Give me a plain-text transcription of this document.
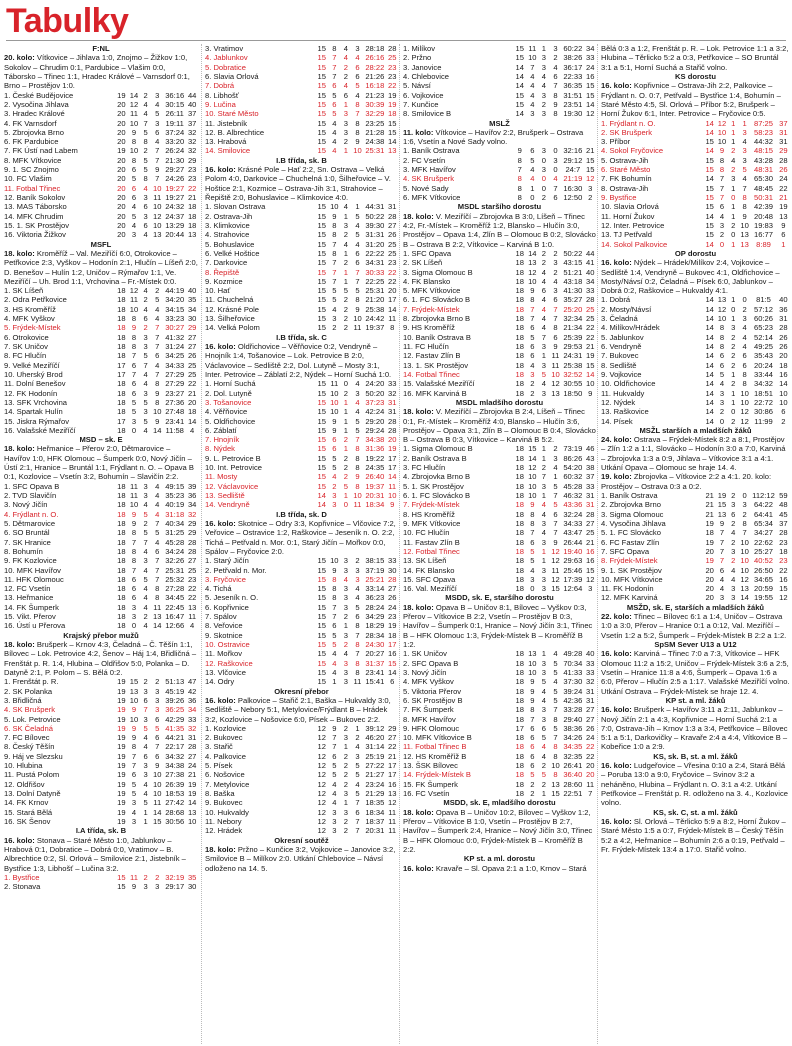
Tabulky
F:NL
20. kolo: Vítkovice – Jihlava 1:0, Znojmo – Žižkov 1:0, Sokolov – Chrudim 0:1, Pardubice – Vlašim 0:0, Táborsko – Třinec 1:1, Hradec Králové – Varnsdorf 0:1, Brno – Prostějov 1:0.
1. České Budějovice	19	14	2	3	36:16	44
2. Vysočina Jihlava	20	12	4	4	30:15	40
3. Hradec Králové	20	11	4	5	26:11	37
4. FK Varnsdorf	20	10	7	3	19:11	37
5. Zbrojovka Brno	20	9	5	6	37:24	32
6. FK Pardubice	20	8	8	4	33:20	32
7. FK Ústí nad Labem	19	10	2	7	26:24	32
8. MFK Vítkovice	20	8	5	7	21:30	29
9. 1. SC Znojmo	20	6	5	9	29:27	23
10. FC Vlašim	20	5	8	7	24:26	23
11. Fotbal Třinec	20	6	4	10	19:27	22
12. Baník Sokolov	20	6	3	11	19:27	21
13. MAS Táborsko	20	4	6	10	24:32	18
14. MFK Chrudim	20	5	3	12	24:37	18
15. 1. SK Prostějov	20	4	6	10	13:29	18
16. Viktoria Žižkov	20	3	4	13	20:44	13
MSFL
18. kolo: Kroměříž – Val. Meziříčí 6:0, Otrokovice – Petřkovice 2:3, Vyškov – Hodonín 2:1, Hlučín – Líšeň 2:0, D. Benešov – Hulín 1:2, Uničov – Rýmařov 1:1, Ve. Meziříčí – Uh. Brod 1:1, Vrchovina – Fr.-Místek 0:0.
1. SK Líšeň	18	12	4	2	44:19	40
2. Odra Petřkovice	18	11	2	5	34:20	35
3. HS Kroměříž	18	10	4	4	34:15	34
4. MFK Vyškov	18	8	6	4	33:23	30
5. Frýdek-Místek	18	9	2	7	30:27	29
6. Otrokovice	18	8	3	7	41:32	27
7. SK Uničov	18	8	3	7	31:24	27
8. FC Hlučín	18	7	5	6	34:25	26
9. Velké Meziříčí	17	6	7	4	34:33	25
10. Uherský Brod	17	7	4	7	27:29	25
11. Dolní Benešov	18	6	4	8	27:29	22
12. FK Hodonín	18	6	3	9	23:27	21
13. SFK Vrchovina	18	5	5	8	27:36	20
14. Spartak Hulín	18	5	3	10	27:48	18
15. Jiskra Rýmařov	17	3	5	9	23:41	14
16. Valašské Meziříčí	18	0	4	14	11:58	4
MSD – sk. E
18. kolo: Heřmanice – Přerov 2:0, Dětmarovice – Havířov 1:0, HFK Olomouc – Šumperk 0:0, Nový Jičín – Ústí 2:1, Hranice – Bruntál 1:1, Frýdlant n. O. – Opava B 0:1, Kozlovice – Vsetín 3:2, Bohumín – Slavičín 2:2.
1. SFC Opava B	18	11	3	4	49:15	39
2. TVD Slavičín	18	11	3	4	35:23	36
3. Nový Jičín	18	10	4	4	40:19	34
4. Frýdlant n. O.	18	9	5	4	31:18	32
5. Dětmarovice	18	9	2	7	40:34	29
6. SO Bruntál	18	8	5	5	31:25	29
7. SK Hranice	18	7	7	4	45:28	28
8. Bohumín	18	8	4	6	34:24	28
9. FK Kozlovice	18	8	3	7	32:26	27
10. MFK Havířov	18	7	4	7	25:31	25
11. HFK Olomouc	18	6	5	7	25:32	23
12. FC Vsetín	18	6	4	8	27:28	22
13. Heřmanice	18	6	4	8	34:45	22
14. FK Šumperk	18	3	4	11	22:45	13
15. Vikt. Přerov	18	3	2	13	16:47	11
16. Ústí u Přerova	18	0	4	14	12:66	4
Krajský přebor mužů
18. kolo: Brušperk – Krnov 4:3, Čeladná – Č. Těšín 1:1, Bílovec – Lok. Petrovice 4:2, Šenov – Háj 1:4, Břidličná – Frenštát p. R. 1:4, Hlubina – Oldřišov 5:0, Polanka – D. Datyně 2:1, P. Polom – S. Bělá 0:2.
1. Frenštát p. R.	19	15	2	2	51:13	47
2. SK Polanka	19	13	3	3	45:19	42
3. Břidličná	19	10	6	3	39:26	36
4. SK Brušperk	19	9	7	3	36:25	34
5. Lok. Petrovice	19	10	3	6	42:29	33
6. SK Čeladná	19	9	5	5	41:35	32
7. FC Bílovec	19	9	4	6	44:21	31
8. Český Těšín	19	8	4	7	22:17	28
9. Háj ve Slezsku	19	7	6	6	34:32	27
10. Hlubina	19	7	3	9	34:38	24
11. Pustá Polom	19	6	3	10	27:38	21
12. Oldřišov	19	5	4	10	26:39	19
13. Dolní Datyně	19	5	4	10	18:53	19
14. FK Krnov	19	3	5	11	27:42	14
15. Stará Bělá	19	4	1	14	28:68	13
16. SK Šenov	19	3	1	15	30:56	10
I.A třída, sk. B
16. kolo: Stonava – Staré Město 1:0, Jablunkov – Hrabová 0:1, Dobratice – Dobrá 0:0, Vratimov – B. Albrechtice 0:2, Sl. Orlová – Smilovice 2:1, Jistebník – Bystřice 1:3, Libhošť – Lučina 3:2.
1. Bystřice	15	11	2	2	32:19	35
2. Stonava	15	9	3	3	29:17	30
3. Vratimov	15	8	4	3	28:18	28
4. Jablunkov	15	7	4	4	26:16	25
5. Dobratice	15	7	2	6	28:22	23
6. Slavia Orlová	15	7	2	6	21:26	23
7. Dobrá	15	6	4	5	16:18	22
8. Libhošť	15	5	6	4	21:23	19
9. Lučina	15	6	1	8	30:39	19
10. Staré Město	15	5	3	7	32:29	18
11. Jistebník	15	4	3	8	23:25	15
12. B. Albrechtice	15	4	3	8	21:28	15
13. Hrabová	15	4	2	9	24:38	14
14. Smilovice	15	4	1	10	25:31	13
I.B třída, sk. B
16. kolo: Krásné Pole – Hať 2:2, Sn. Ostrava – Velká Polom 4:0, Darkovice – Chuchelná 1:0, Šilheřovice – V. Hoštice 2:1, Kozmice – Ostrava-Jih 3:1, Strahovice – Řepiště 2:0, Bohuslavice – Klimkovice 4:0.
1. Slovan Ostrava	15	10	4	1	44:31	31
2. Ostrava-Jih	15	9	1	5	50:22	28
3. Klimkovice	15	8	3	4	39:30	27
4. Strahovice	15	8	2	5	31:31	26
5. Bohuslavice	15	7	4	4	31:20	25
6. Velké Hoštice	15	8	1	6	22:22	25
7. Darkovice	15	7	2	6	34:31	23
8. Řepiště	15	7	1	7	30:33	22
9. Kozmice	15	7	1	7	22:25	22
10. Hať	15	5	5	5	25:31	20
11. Chuchelná	15	5	2	8	21:20	17
12. Krásné Pole	15	4	2	9	25:38	14
13. Šilheřovice	15	3	2	10	24:42	11
14. Velká Polom	15	2	2	11	19:37	8
I.B třída, sk. C
16. kolo: Oldřichovice – Věřňovice 0:2, Vendryně – Hnojník 1:4, Tošanovice – Lok. Petrovice B 2:0, Václavovice – Sedliště 2:2, Dol. Lutyně – Mosty 3:1, Inter. Petrovice – Záblatí 2:2, Nýdek – Horní Suchá 1:0.
1. Horní Suchá	15	11	0	4	24:20	33
2. Dol. Lutyně	15	10	2	3	50:20	32
3. Tošanovice	15	10	1	4	37:23	31
4. Věřňovice	15	10	1	4	42:24	31
5. Oldřichovice	15	9	1	5	29:20	28
6. Záblatí	15	9	1	5	29:24	28
7. Hnojník	15	6	2	7	34:38	20
8. Nýdek	15	6	1	8	31:36	19
9. L. Petrovice B	15	5	2	8	19:22	17
10. Int. Petrovice	15	5	2	8	24:35	17
11. Mosty	15	4	2	9	26:40	14
12. Václavovice	15	2	5	8	19:37	11
13. Sedliště	14	3	1	10	20:31	10
14. Vendryně	14	3	0	11	18:34	9
I.B třída, sk. D
16. kolo: Skotnice – Odry 3:3, Kopřivnice – Vlčovice 7:2, Veřovice – Ostravice 1:2, Raškovice – Jeseník n. O. 2:2, Tichá – Petřvald n. Mor. 0:1, Starý Jičín – Mořkov 0:0, Spálov – Fryčovice 2:0.
1. Starý Jičín	15	10	3	2	38:15	33
2. Petřvald n. Mor.	15	9	3	3	37:19	30
3. Fryčovice	15	8	4	3	25:21	28
4. Tichá	15	8	3	4	33:14	27
5. Jeseník n. O.	15	8	3	4	36:23	26
6. Kopřivnice	15	7	3	5	28:24	24
7. Spálov	15	7	2	6	34:29	23
8. Veřovice	15	6	1	8	18:29	19
9. Skotnice	15	5	3	7	28:34	18
10. Ostravice	15	5	2	8	24:30	17
11. Mořkov	15	4	4	7	20:27	16
12. Raškovice	15	4	3	8	31:37	15
13. Vlčovice	15	4	3	8	23:41	14
14. Odry	15	1	3	11	15:41	6
Okresní přebor
16. kolo: Palkovice – Stařič 2:1, Baška – Hukvaldy 3:0, Sedliště – Nebory 5:1, Metylovice/Frýdlant B – Hrádek 3:2, Kozlovice – Nošovice 6:0, Písek – Bukovec 2:2.
1. Kozlovice	12	9	2	1	39:12	29
2. Bukovec	12	7	3	2	46:20	27
3. Stařič	12	7	1	4	31:14	22
4. Palkovice	12	6	2	3	25:19	21
5. Písek	12	5	2	5	27:22	17
6. Nošovice	12	5	2	5	21:27	17
7. Metylovice	12	4	2	4	23:24	16
8. Baška	12	4	3	5	21:29	13
9. Bukovec	12	4	1	7	18:35	12
10. Hukvaldy	12	3	3	6	18:34	11
11. Nebory	12	3	2	7	18:37	11
12. Hrádek	12	3	2	7	20:31	11
Okresní soutěž
18. kolo: Pržno – Kunčice 3:2, Vojkovice – Janovice 3:2, Smilovice B – Milíkov 2:0. Utkání Chlebovice – Návsí odloženo na 14. 5.
1. Milíkov	15	11	1	3	60:22	34
2. Pržno	15	10	3	2	38:26	33
3. Janovice	14	7	3	4	36:17	24
4. Chlebovice	14	4	4	6	22:33	16
5. Návsí	14	4	4	7	36:35	15
6. Vojkovice	15	4	3	8	31:51	15
7. Kunčice	15	4	2	9	23:51	14
8. Smilovice B	14	3	3	8	19:30	12
MSLŽ
11. kolo: Vítkovice – Havířov 2:2, Brušperk – Ostrava 1:6, Vsetín a Nové Sady volno.
1. Baník Ostrava	9	6	3	0	32:16	21
2. FC Vsetín	8	5	0	3	29:12	15
3. MFK Havířov	7	4	3	0	24:7	15
4. SK Brušperk	8	4	0	4	21:19	12
5. Nové Sady	8	1	0	7	16:30	3
6. MFK Vítkovice	8	0	2	6	12:50	2
MSDL staršího dorostu
18. kolo: V. Meziříčí – Zbrojovka B 3:0, Líšeň – Třinec 4:2, Fr.-Místek – Kroměříž 1:2, Blansko – Hlučín 3:0, Prostějov – Opava 1:4, Zlín B – Olomouc B 0:2, Slovácko B – Ostrava B 2:2, Vítkovice – Karviná B 1:0.
1. SFC Opava	18	14	2	2	50:22	44
2. SK Líšeň	18	13	2	3	43:15	41
3. Sigma Olomouc B	18	12	4	2	51:21	40
4. FK Blansko	18	10	4	4	43:18	34
5. MFK Vítkovice	18	9	6	3	41:30	33
6. 1. FC Slovácko B	18	8	4	6	35:27	28
7. Frýdek-Místek	18	7	4	7	25:20	25
8. Zbrojovka Brno B	18	7	4	7	32:34	25
9. HS Kroměříž	18	6	4	8	21:34	22
10. Baník Ostrava B	18	5	7	6	25:39	22
11. FC Hlučín	18	6	3	9	29:53	21
12. Fastav Zlín B	18	6	1	11	24:31	19
13. 1. SK Prostějov	18	4	3	11	25:38	15
14. Fotbal Třinec	18	3	5	10	32:52	14
15. Valašské Meziříčí	18	2	4	12	30:55	10
16. MFK Karviná B	18	2	3	13	18:50	9
MSDL mladšího dorostu
18. kolo: V. Meziříčí – Zbrojovka B 2:4, Líšeň – Třinec 0:1, Fr.-Místek – Kroměříž 4:0, Blansko – Hlučín 3:6, Prostějov – Opava 3:1, Zlín B – Olomouc B 0:4, Slovácko B – Ostrava B 0:3, Vítkovice – Karviná B 5:2.
1. Sigma Olomouc B	18	15	1	2	73:19	46
2. Baník Ostrava B	18	14	1	3	86:26	43
3. FC Hlučín	18	12	2	4	54:20	38
4. Zbrojovka Brno B	18	10	7	1	60:32	37
5. 1. SK Prostějov	18	10	3	5	45:28	33
6. 1. FC Slovácko B	18	10	1	7	46:32	31
7. Frýdek-Místek	18	9	4	5	43:36	31
8. HS Kroměříž	18	8	4	6	32:24	28
9. MFK Vítkovice	18	8	3	7	34:33	27
10. FC Hlučín	18	7	4	7	43:47	25
11. Fastav Zlín B	18	6	3	9	26:44	21
12. Fotbal Třinec	18	5	1	12	19:40	16
13. SK Líšeň	18	5	1	12	29:63	16
14. FK Blansko	18	4	3	11	25:46	15
15. SFC Opava	18	3	3	12	17:39	12
16. Val. Meziříčí	18	0	3	15	12:64	3
MSDD, sk. E, staršího dorostu
18. kolo: Opava B – Uničov 8:1, Bílovec – Vyškov 0:3, Přerov – Vítkovice B 2:2, Vsetín – Prostějov B 0:3, Havířov – Šumperk 0:1, Hranice – Nový Jičín 3:1, Třinec B – HFK Olomouc 1:3, Frýdek-Místek B – Kroměříž B 1:2.
1. SK Uničov	18	13	1	4	49:28	40
2. SFC Opava B	18	10	3	5	70:34	33
3. Nový Jičín	18	10	3	5	41:33	33
4. MFK Vyškov	18	9	5	4	37:30	32
5. Viktoria Přerov	18	9	4	5	39:24	31
6. SK Prostějov B	18	9	4	5	42:36	31
7. FK Šumperk	18	8	3	7	33:28	27
8. MFK Havířov	18	7	3	8	29:40	27
9. HFK Olomouc	17	6	6	5	38:36	26
10. MFK Vítkovice B	18	6	5	7	34:26	24
11. Fotbal Třinec B	18	6	4	8	34:35	22
12. HS Kroměříž B	18	6	4	8	32:35	22
13. ŠSK Bílovec	18	6	2	10	26:41	20
14. Frýdek-Místek B	18	5	5	8	36:40	20
15. FK Šumperk	18	2	2	13	28:60	11
16. FC Vsetín	18	2	1	15	22:51	7
MSDD, sk. E, mladšího dorostu
18. kolo: Opava B – Uničov 10:2, Bílovec – Vyškov 1:2, Přerov – Vítkovice B 1:0, Vsetín – Prostějov B 2:7, Havířov – Šumperk 2:4, Hranice – Nový Jičín 3:0, Třinec B – HFK Olomouc 0:0, Frýdek-Místek B – Kroměříž B 2:2.
KP st. a ml. dorostu
16. kolo: Kravaře – Sl. Opava 2:1 a 1:0, Krnov – Stará
Bělá 0:3 a 1:2, Frenštát p. R. – Lok. Petrovice 1:1 a 3:2, Hlubina – Těrlicko 5:2 a 0:3, Petřkovice – SO Bruntál 3:1 a 5:1, Horní Suchá a Stařič volno.
KS dorostu
16. kolo: Kopřivnice – Ostrava-Jih 2:2, Palkovice – Frýdlant n. O. 0:7, Petřvald – Bystřice 1:4, Bohumín – Staré Město 4:5, Sl. Orlová – Příbor 5:2, Brušperk – Horní Žukov 6:1, Inter. Petrovice – Fryčovice 0:5.
1. Frýdlant n. O.	14	12	1	1	87:25	37
2. SK Brušperk	14	10	1	3	58:23	31
3. Příbor	15	10	1	4	44:32	31
4. Sokol Fryčovice	14	9	2	3	48:15	29
5. Ostrava-Jih	15	8	4	3	43:28	28
6. Staré Město	15	8	2	5	48:31	26
7. FK Bohumín	14	7	3	4	65:30	24
8. Ostrava-Jih	15	7	1	7	48:45	22
9. Bystřice	15	7	0	8	50:31	21
10. Slavia Orlová	15	6	1	8	42:39	19
11. Horní Žukov	14	4	1	9	20:48	13
12. Inter. Petrovice	15	3	2	10	19:83	9
13. TJ Petřvald	15	2	0	13	16:77	6
14. Sokol Palkovice	14	0	1	13	8:89	1
OP dorostu
16. kolo: Nýdek – Hrádek/Milíkov 2:4, Vojkovice – Sedliště 1:4, Vendryně – Bukovec 4:1, Oldřichovice – Mosty/Návsí 0:2, Čeladná – Písek 6:0, Jablunkov – Dobrá 0:2, Raškovice – Hukvaldy 4:1.
1. Dobrá	14	13	1	0	81:5	40
2. Mosty/Návsí	14	12	0	2	57:12	36
3. Čeladná	14	10	1	3	60:26	31
4. Milíkov/Hrádek	14	8	3	4	65:23	28
5. Jablunkov	14	8	2	4	52:14	26
6. Vendryně	14	8	2	4	49:25	26
7. Bukovec	14	6	2	6	35:43	20
8. Sedliště	14	6	2	6	20:24	18
9. Vojkovice	14	5	1	8	33:44	16
10. Oldřichovice	14	4	2	8	34:32	14
11. Hukvaldy	14	3	1	10	18:51	10
12. Nýdek	14	3	1	10	22:72	10
13. Raškovice	14	2	0	12	30:86	6
14. Písek	14	0	2	12	11:99	2
MSŽL starších a mladších žáků
24. kolo: Ostrava – Frýdek-Místek 8:2 a 8:1, Prostějov – Zlín 1:2 a 1:1, Slovácko – Hodonín 3:0 a 7:0, Karviná – Zbrojovka 1:3 a 0:9, Jihlava – Vítkovice 3:1 a 4:1. Utkání Opava – Olomouc se hraje 14. 4.
19. kolo: Zbrojovka – Vítkovice 2:2 a 4:1. 20. kolo: Prostějov – Ostrava 0:3 a 0:2.
1. Baník Ostrava	21	19	2	0	112:12	59
2. Zbrojovka Brno	21	15	3	3	64:22	48
3. Sigma Olomouc	21	13	6	2	64:41	45
4. Vysočina Jihlava	19	9	2	8	65:34	37
5. 1. FC Slovácko	18	7	4	7	34:27	28
6. FC Fastav Zlín	19	7	2	10	22:62	23
7. SFC Opava	20	7	3	10	25:27	18
8. Frýdek-Místek	19	7	2	10	40:52	23
9. 1. SK Prostějov	20	6	4	10	26:50	22
10. MFK Vítkovice	20	4	4	12	34:65	16
11. FK Hodonín	20	4	3	13	20:59	15
12. MFK Karviná	20	3	3	14	19:55	12
MSŽD, sk. E, starších a mladších žáků
22. kolo: Třinec – Bílovec 6:1 a 1:4, Uničov – Ostrava 1:0 a 3:0, Přerov – Hranice 0:1 a 0:12, Val. Meziříčí – Vsetín 1:2 a 5:2, Šumperk – Frýdek-Místek B 2:2 a 1:2.
SpSM Sever U13 a U12
16. kolo: Karviná – Třinec 7:0 a 7:3, Vítkovice – HFK Olomouc 11:2 a 15:2, Uničov – Frýdek-Místek 3:6 a 2:5, Vsetín – Hranice 11:8 a 4:6, Šumperk – Opava 1:6 a 6:0, Přerov – Hlučín 2:5 a 1:17. Valašské Meziříčí volno. Utkání Ostrava – Frýdek-Místek se hraje 12. 4.
KP st. a ml. žáků
16. kolo: Brušperk – Havířov 3:11 a 2:11, Jablunkov – Nový Jičín 2:1 a 4:3, Kopřivnice – Horní Suchá 2:1 a 7:0, Ostrava-Jih – Krnov 1:3 a 3:4, Petřkovice – Bílovec 5:1 a 5:1, Darkovičky – Kravaře 2:4 a 4:4, Vítkovice B – Kobeřice 1:0 a 2:9.
KS, sk. B, st. a ml. žáků
16. kolo: Ludgeřovice – Vřesina 0:10 a 2:4, Stará Bělá – Poruba 13:0 a 9:0, Fryčovice – Svinov 3:2 a neháněno, Hlubina – Frýdlant n. O. 3:1 a 4:2. Utkání Petřkovice – Frenštát p. R. odloženo na 3. 4., Kozlovice volno.
KS, sk. C, st. a ml. žáků
16. kolo: Sl. Orlová – Těrlicko 5:9 a 8:2, Horní Žukov – Staré Město 1:5 a 0:7, Frýdek-Místek B – Český Těšín 5:2 a 4:2, Heřmanice – Bohumín 2:6 a 0:19, Petřvald – Fr. Frýdek-Místek 13:4 a 17:0. Stařič volno.
